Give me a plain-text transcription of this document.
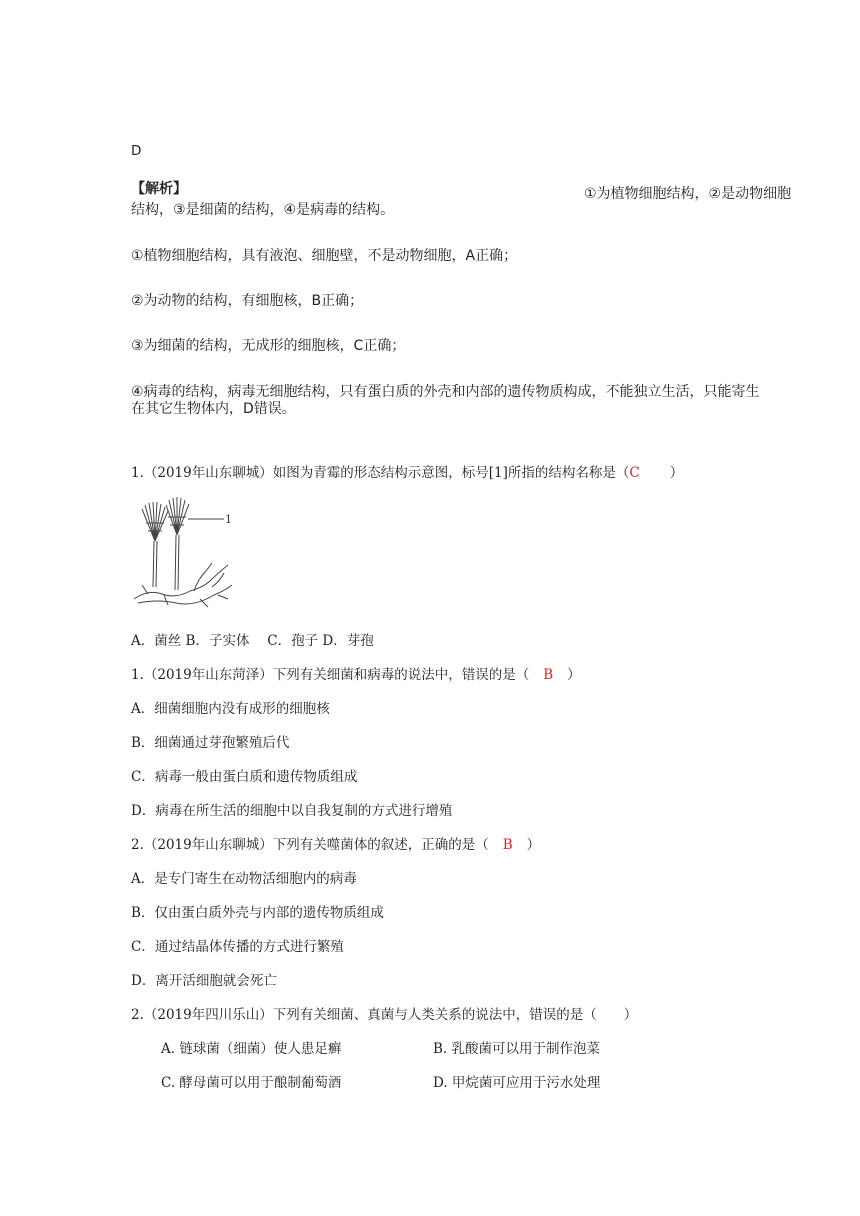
D
【解析】	①为植物细胞结构，②是动物细胞
结构，③是细菌的结构，④是病毒的结构。
①植物细胞结构，具有液泡、细胞壁，不是动物细胞，A正确；
②为动物的结构，有细胞核，B正确；
③为细菌的结构，无成形的细胞核，C正确；
④病毒的结构，病毒无细胞结构，只有蛋白质的外壳和内部的遗传物质构成，不能独立生活，只能寄生
在其它生物体内，D错误。
1.（2019年山东聊城）如图为青霉的形态结构示意图，标号[1]所指的结构名称是（C ）
1
A．菌丝 B．子实体　 C．孢子 D．芽孢
1.（2019年山东菏泽）下列有关细菌和病毒的说法中，错误的是（ B ）
A．细菌细胞内没有成形的细胞核
B．细菌通过芽孢繁殖后代
C．病毒一般由蛋白质和遗传物质组成
D．病毒在所生活的细胞中以自我复制的方式进行增殖
2.（2019年山东聊城）下列有关噬菌体的叙述，正确的是（ B ）
A．是专门寄生在动物活细胞内的病毒
B．仅由蛋白质外壳与内部的遗传物质组成
C．通过结晶体传播的方式进行繁殖
D．离开活细胞就会死亡
2.（2019年四川乐山）下列有关细菌、真菌与人类关系的说法中，错误的是（　　）
A. 链球菌（细菌）使人患足癣	B. 乳酸菌可以用于制作泡菜
C. 酵母菌可以用于酿制葡萄酒	D. 甲烷菌可应用于污水处理
